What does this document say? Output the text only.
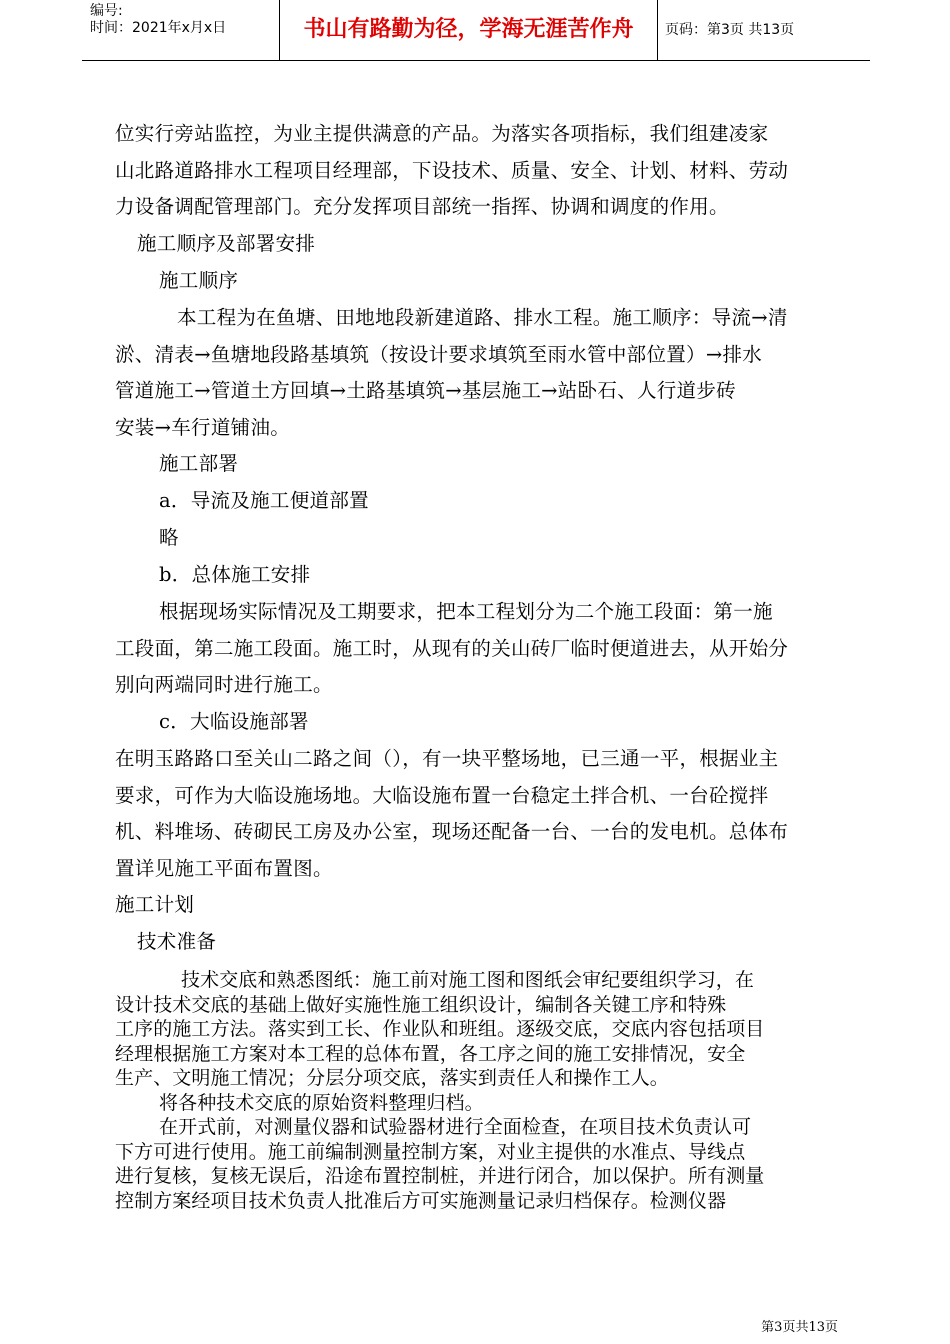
编号:
时间：2021年x月x日	书山有路勤为径，学海无涯苦作舟	页码：第3页 共13页

位实行旁站监控，为业主提供满意的产品。为落实各项指标，我们组建凌家
山北路道路排水工程项目经理部，下设技术、质量、安全、计划、材料、劳动
力设备调配管理部门。充分发挥项目部统一指挥、协调和调度的作用。

施工顺序及部署安排

施工顺序

本工程为在鱼塘、田地地段新建道路、排水工程。施工顺序：导流→清
淤、清表→鱼塘地段路基填筑（按设计要求填筑至雨水管中部位置）→排水
管道施工→管道土方回填→土路基填筑→基层施工→站卧石、人行道步砖
安装→车行道铺油。

施工部署

a．导流及施工便道部置

略

b．总体施工安排

根据现场实际情况及工期要求，把本工程划分为二个施工段面：第一施
工段面，第二施工段面。施工时，从现有的关山砖厂临时便道进去，从开始分
别向两端同时进行施工。

c．大临设施部署

在明玉路路口至关山二路之间（），有一块平整场地，已三通一平，根据业主
要求，可作为大临设施场地。大临设施布置一台稳定土拌合机、一台砼搅拌
机、料堆场、砖砌民工房及办公室，现场还配备一台、一台的发电机。总体布
置详见施工平面布置图。

施工计划

技术准备

技术交底和熟悉图纸：施工前对施工图和图纸会审纪要组织学习，在
设计技术交底的基础上做好实施性施工组织设计，编制各关键工序和特殊
工序的施工方法。落实到工长、作业队和班组。逐级交底，交底内容包括项目
经理根据施工方案对本工程的总体布置，各工序之间的施工安排情况，安全
生产、文明施工情况；分层分项交底，落实到责任人和操作工人。

将各种技术交底的原始资料整理归档。

在开式前，对测量仪器和试验器材进行全面检查，在项目技术负责认可
下方可进行使用。施工前编制测量控制方案，对业主提供的水准点、导线点
进行复核，复核无误后，沿途布置控制桩，并进行闭合，加以保护。所有测量
控制方案经项目技术负责人批准后方可实施测量记录归档保存。检测仪器

第3页共13页
